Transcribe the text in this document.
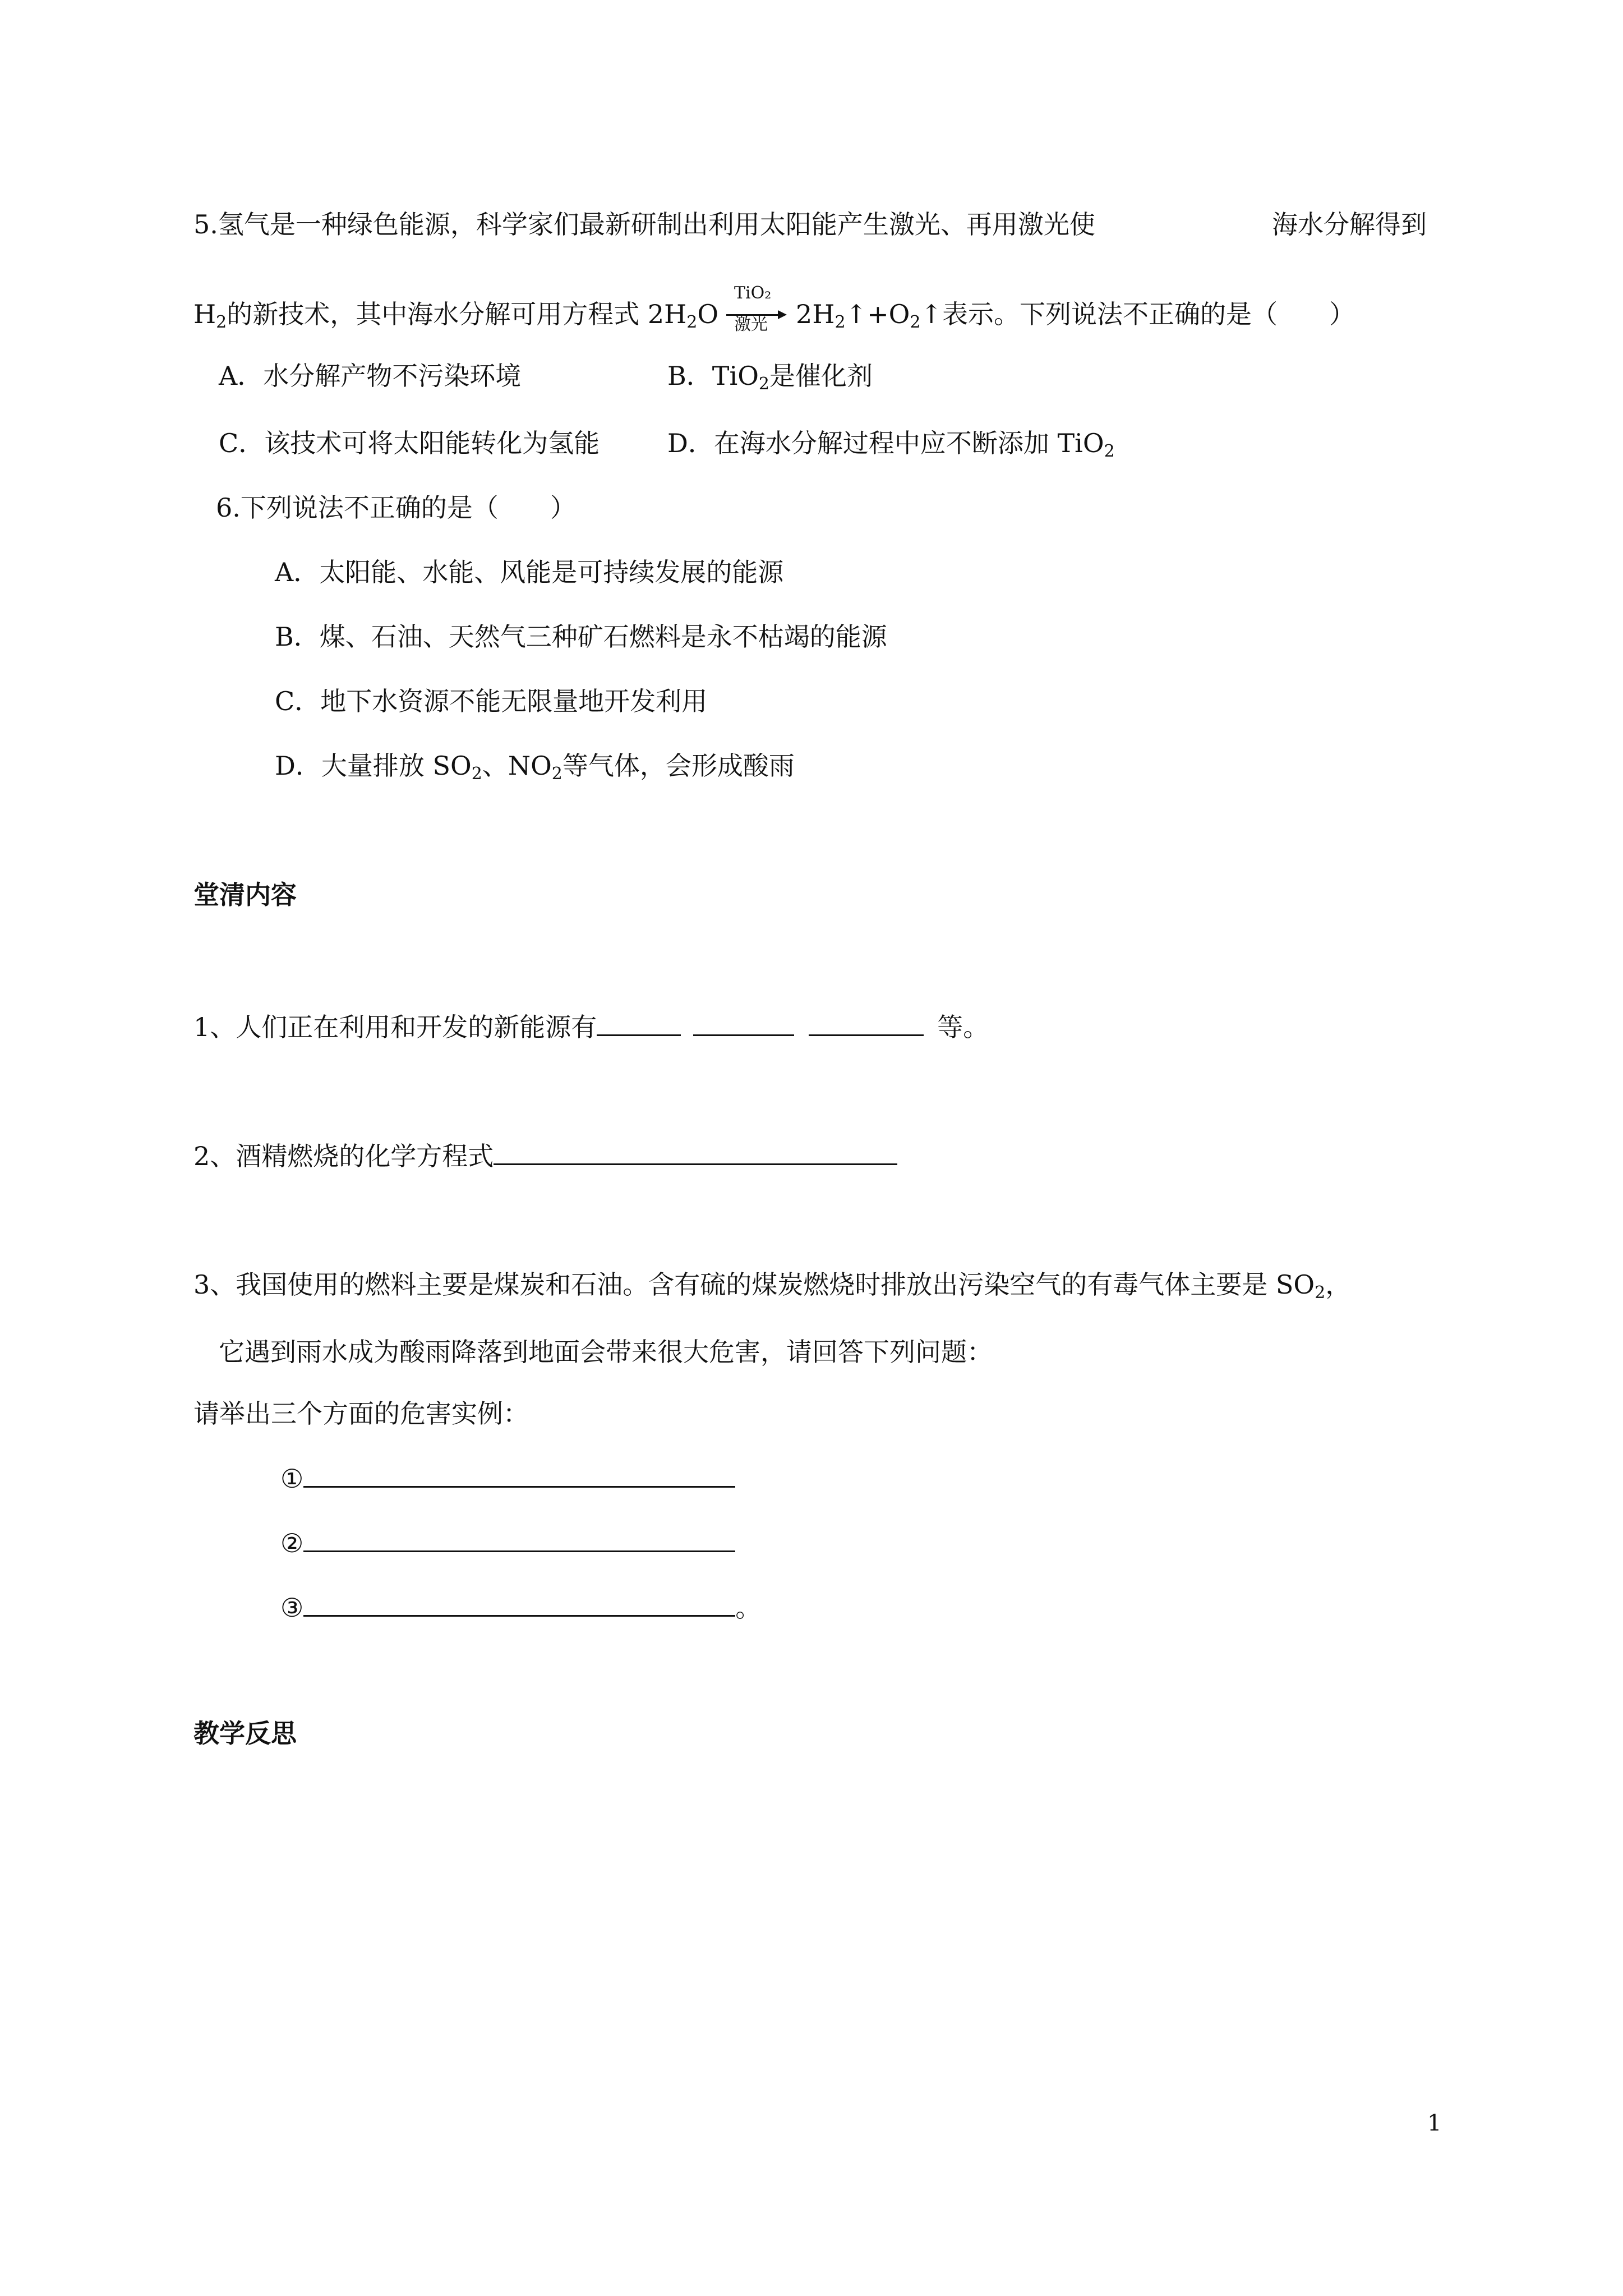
5.氢气是一种绿色能源，科学家们最新研制出利用太阳能产生激光、再用激光使	海水分解得到
$H_2$的新技术，其中海水分解可用方程式 $2H_2O$
TiO₂
激光 $2H_2↑+O_2↑$表示。下列说法不正确的是（　　）
A．水分解产物不污染环境	B．TiO$_2$是催化剂
C．该技术可将太阳能转化为氢能	D．在海水分解过程中应不断添加 TiO$_2$
6.下列说法不正确的是（　　）
A．太阳能、水能、风能是可持续发展的能源
B．煤、石油、天然气三种矿石燃料是永不枯竭的能源
C．地下水资源不能无限量地开发利用
D．大量排放 $SO_2$、$NO_2$等气体，会形成酸雨
堂清内容
1、人们正在利用和开发的新能源有	等。
2、酒精燃烧的化学方程式
3、我国使用的燃料主要是煤炭和石油。含有硫的煤炭燃烧时排放出污染空气的有毒气体主要是 $SO_2$，
它遇到雨水成为酸雨降落到地面会带来很大危害，请回答下列问题：
请举出三个方面的危害实例：
①
②
③	。
教学反思
1
